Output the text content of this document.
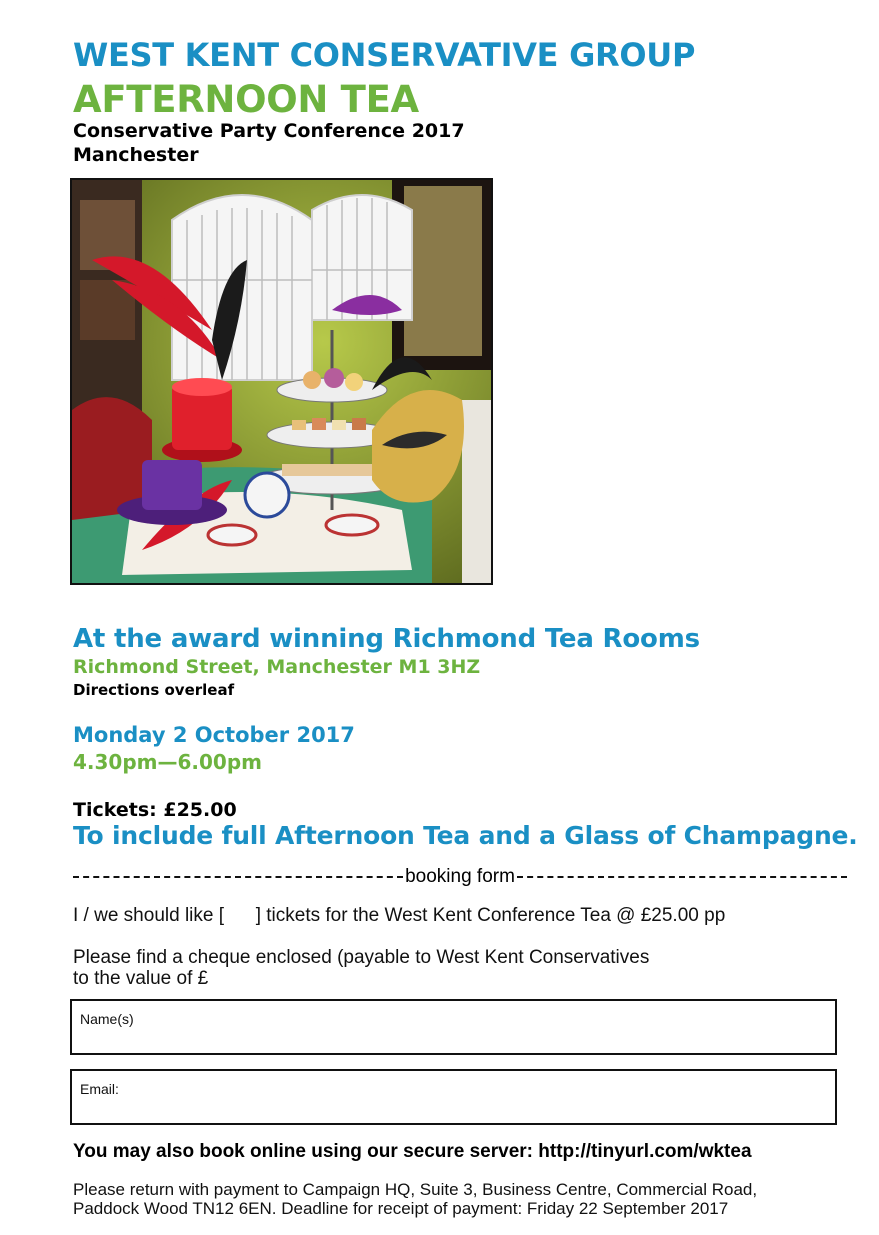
WEST KENT CONSERVATIVE GROUP
AFTERNOON TEA

Conservative Party Conference 2017

Manchester

At the award winning Richmond Tea Rooms

Richmond Street, Manchester M1 3HZ

Directions overleaf

Monday 2 October 2017

4.30pm—6.00pm

Tickets: £25.00

To include full Afternoon Tea and a Glass of Champagne.

booking form

I / we should like [      ] tickets for the West Kent Conference Tea @ £25.00 pp

Please find a cheque enclosed (payable to West Kent Conservatives

to the value of £

Name(s)

Email:

You may also book online using our secure server: http://tinyurl.com/wktea

Please return with payment to Campaign HQ, Suite 3, Business Centre, Commercial Road,

Paddock Wood TN12 6EN. Deadline for receipt of payment: Friday 22 September 2017
